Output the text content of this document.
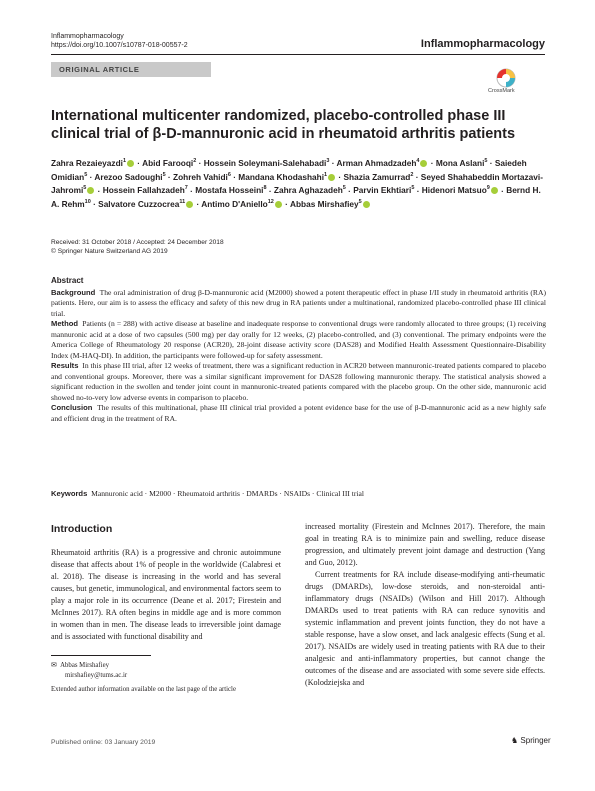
Inflammopharmacology
https://doi.org/10.1007/s10787-018-00557-2	Inflammopharmacology
ORIGINAL ARTICLE
CrossMark
International multicenter randomized, placebo-controlled phase III
clinical trial of β-D-mannuronic acid in rheumatoid arthritis patients
Zahra Rezaieyazdi$^1$ · Abid Farooqi$^2$ · Hossein Soleymani-Salehabadi$^3$ · Arman Ahmadzadeh$^4$ · Mona Aslani$^5$ · Saiedeh Omidian$^5$ · Arezoo Sadoughi$^5$ · Zohreh Vahidi$^6$ · Mandana Khodashahi$^1$ · Shazia Zamurrad$^2$ · Seyed Shahabeddin Mortazavi-Jahromi$^5$ · Hossein Fallahzadeh$^7$ · Mostafa Hosseini$^8$ · Zahra Aghazadeh$^5$ · Parvin Ekhtiari$^5$ · Hidenori Matsuo$^9$ · Bernd H. A. Rehm$^{10}$ · Salvatore Cuzzocrea$^{11}$ · Antimo D'Aniello$^{12}$ · Abbas Mirshafiey$^5$
Received: 31 October 2018 / Accepted: 24 December 2018
© Springer Nature Switzerland AG 2019
Abstract

Background The oral administration of drug β-D-mannuronic acid (M2000) showed a potent therapeutic effect in phase I/II study in rheumatoid arthritis (RA) patients. Here, our aim is to assess the efficacy and safety of this new drug in RA patients under a multinational, randomized placebo-controlled phase III clinical trial.

Method Patients (n = 288) with active disease at baseline and inadequate response to conventional drugs were randomly allocated to three groups; (1) receiving mannuronic acid at a dose of two capsules (500 mg) per day orally for 12 weeks, (2) placebo-controlled, and (3) conventional. The primary endpoints were the America College of Rheumatology 20 response (ACR20), 28-joint disease activity score (DAS28) and Modified Health Assessment Questionnaire-Disability Index (M-HAQ-DI). In addition, the participants were followed-up for safety assessment.

Results In this phase III trial, after 12 weeks of treatment, there was a significant reduction in ACR20 between mannuronic-treated patients compared to placebo and conventional groups. Moreover, there was a similar significant improvement for DAS28 following mannuronic therapy. The statistical analysis showed a significant reduction in the swollen and tender joint count in mannuronic-treated patients compared with the placebo group. On the other side, mannuronic acid showed no-to-very low adverse events in comparison to placebo.

Conclusion The results of this multinational, phase III clinical trial provided a potent evidence base for the use of β-D-mannuronic acid as a new highly safe and efficient drug in the treatment of RA.

Keywords Mannuronic acid · M2000 · Rheumatoid arthritis · DMARDs · NSAIDs · Clinical III trial
Introduction

Rheumatoid arthritis (RA) is a progressive and chronic autoimmune disease that affects about 1% of people in the worldwide (Calabresi et al. 2018). The disease is increasing in the world and has several causes, but genetic, immunological, and environmental factors seem to play a major role in its occurrence (Deane et al. 2017; Firestein and McInnes 2017). RA often begins in middle age and is more common in women than in men. The disease leads to irreversible joint damage and is associated with functional disability and

increased mortality (Firestein and McInnes 2017). Therefore, the main goal in treating RA is to minimize pain and swelling, reduce disease progression, and ultimately prevent joint damage and destruction (Yang and Guo, 2012).

Current treatments for RA include disease-modifying anti-rheumatic drugs (DMARDs), low-dose steroids, and non-steroidal anti-inflammatory drugs (NSAIDs) (Wilson and Hill 2017). Although DMARDs used to treat patients with RA can reduce synovitis and systemic inflammation and prevent joints function, they do not have a stable response, have a slow onset, and lack analgesic effects (Sung et al. 2017). NSAIDs are widely used in treating patients with RA due to their analgesic and anti-inflammatory properties, but cannot change the outcomes of the disease and are associated with some severe side effects. (Kolodziejska and

✉ Abbas Mirshafiey
mirshafiey@tums.ac.ir
Extended author information available on the last page of the article
Published online: 03 January 2019	♞ Springer
